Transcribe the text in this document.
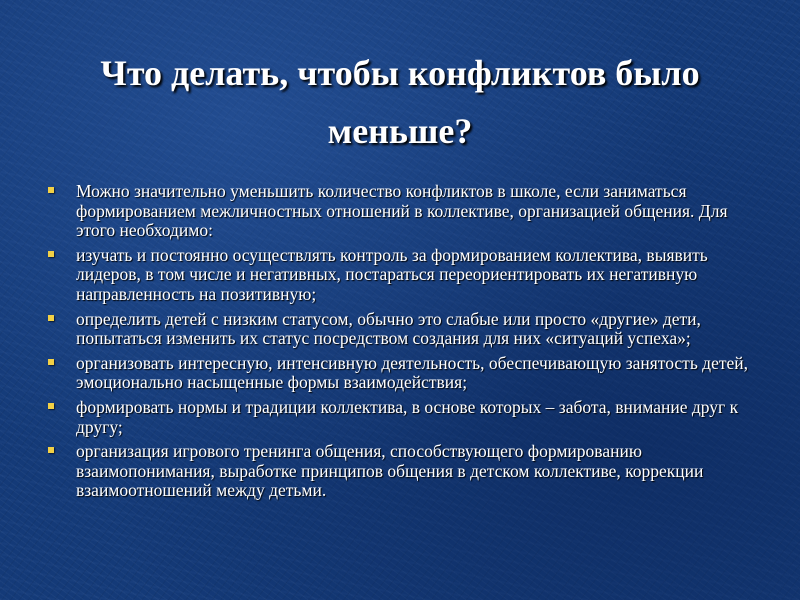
Что делать, чтобы конфликтов было меньше?
Можно значительно уменьшить количество конфликтов в школе, если заниматься формированием межличностных отношений в коллективе, организацией общения. Для этого необходимо:
изучать и постоянно осуществлять контроль за формированием коллектива, выявить лидеров, в том числе и негативных, постараться переориентировать их негативную направленность на позитивную;
определить детей с низким статусом, обычно это слабые или просто «другие» дети, попытаться изменить их статус посредством создания для них «ситуаций успеха»;
организовать интересную, интенсивную деятельность, обеспечивающую занятость детей, эмоционально насыщенные формы взаимодействия;
формировать нормы и традиции коллектива, в основе которых – забота, внимание друг к другу;
организация игрового тренинга общения, способствующего формированию взаимопонимания, выработке принципов общения в детском коллективе, коррекции взаимоотношений между детьми.
